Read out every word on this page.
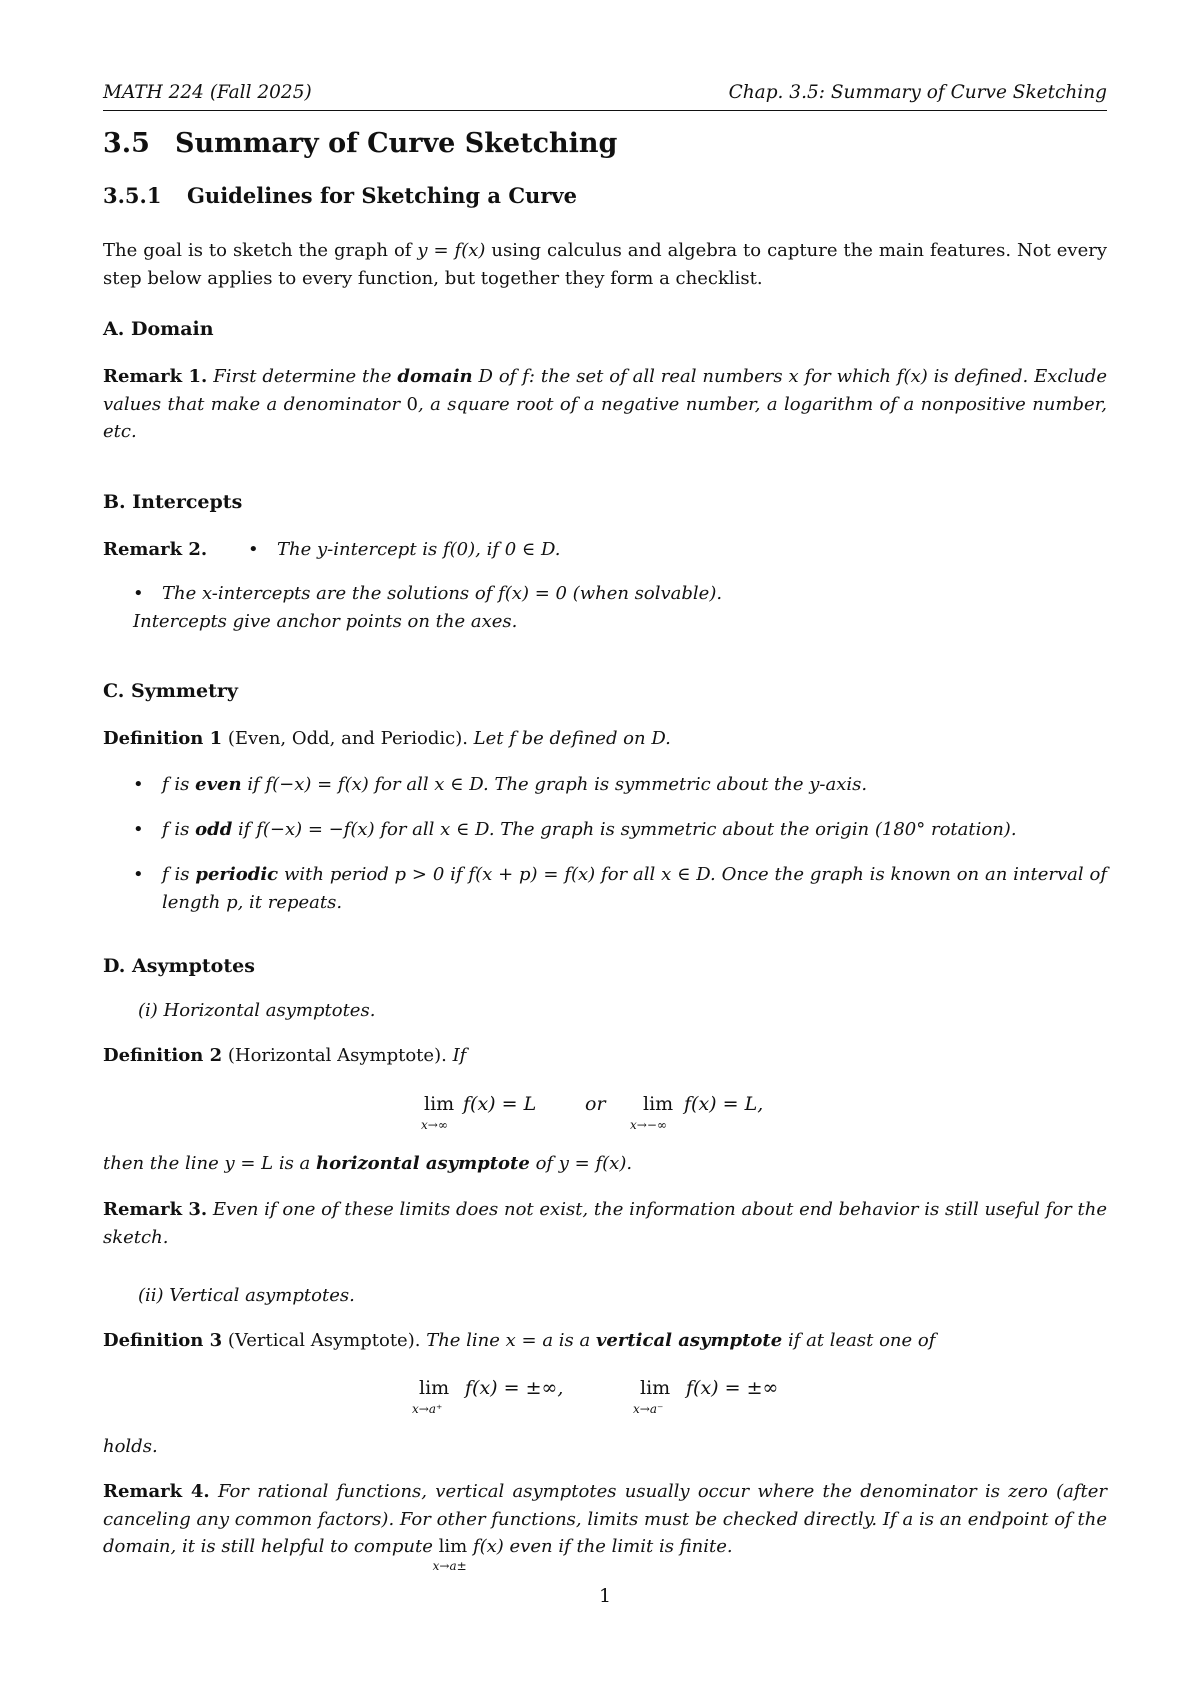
MATH 224 (Fall 2025)	Chap. 3.5: Summary of Curve Sketching
3.5 Summary of Curve Sketching
3.5.1 Guidelines for Sketching a Curve
The goal is to sketch the graph of y = f(x) using calculus and algebra to capture the main features. Not every step below applies to every function, but together they form a checklist.
A. Domain
Remark 1. First determine the domain D of f: the set of all real numbers x for which f(x) is defined. Exclude values that make a denominator 0, a square root of a negative number, a logarithm of a nonpositive number, etc.
B. Intercepts
Remark 2. • The y-intercept is f(0), if 0 ∈ D.
• The x-intercepts are the solutions of f(x) = 0 (when solvable).
Intercepts give anchor points on the axes.
C. Symmetry
Definition 1 (Even, Odd, and Periodic). Let f be defined on D.
• f is even if f(−x) = f(x) for all x ∈ D. The graph is symmetric about the y-axis.
• f is odd if f(−x) = −f(x) for all x ∈ D. The graph is symmetric about the origin (180° rotation).
• f is periodic with period p > 0 if f(x + p) = f(x) for all x ∈ D. Once the graph is known on an interval of length p, it repeats.
D. Asymptotes
(i) Horizontal asymptotes.
Definition 2 (Horizontal Asymptote). If
lim
x→∞
f(x) = L	or lim
x→−∞
f(x) = L,
then the line y = L is a horizontal asymptote of y = f(x).
Remark 3. Even if one of these limits does not exist, the information about end behavior is still useful for the sketch.
(ii) Vertical asymptotes.
Definition 3 (Vertical Asymptote). The line x = a is a vertical asymptote if at least one of
lim
x→a⁺
f(x) = ±∞,	lim
x→a⁻
f(x) = ±∞
holds.
Remark 4. For rational functions, vertical asymptotes usually occur where the denominator is zero (after canceling any common factors). For other functions, limits must be checked directly. If a is an endpoint of the domain, it is still helpful to compute lim
x→a±
f(x) even if the limit is finite.
1
